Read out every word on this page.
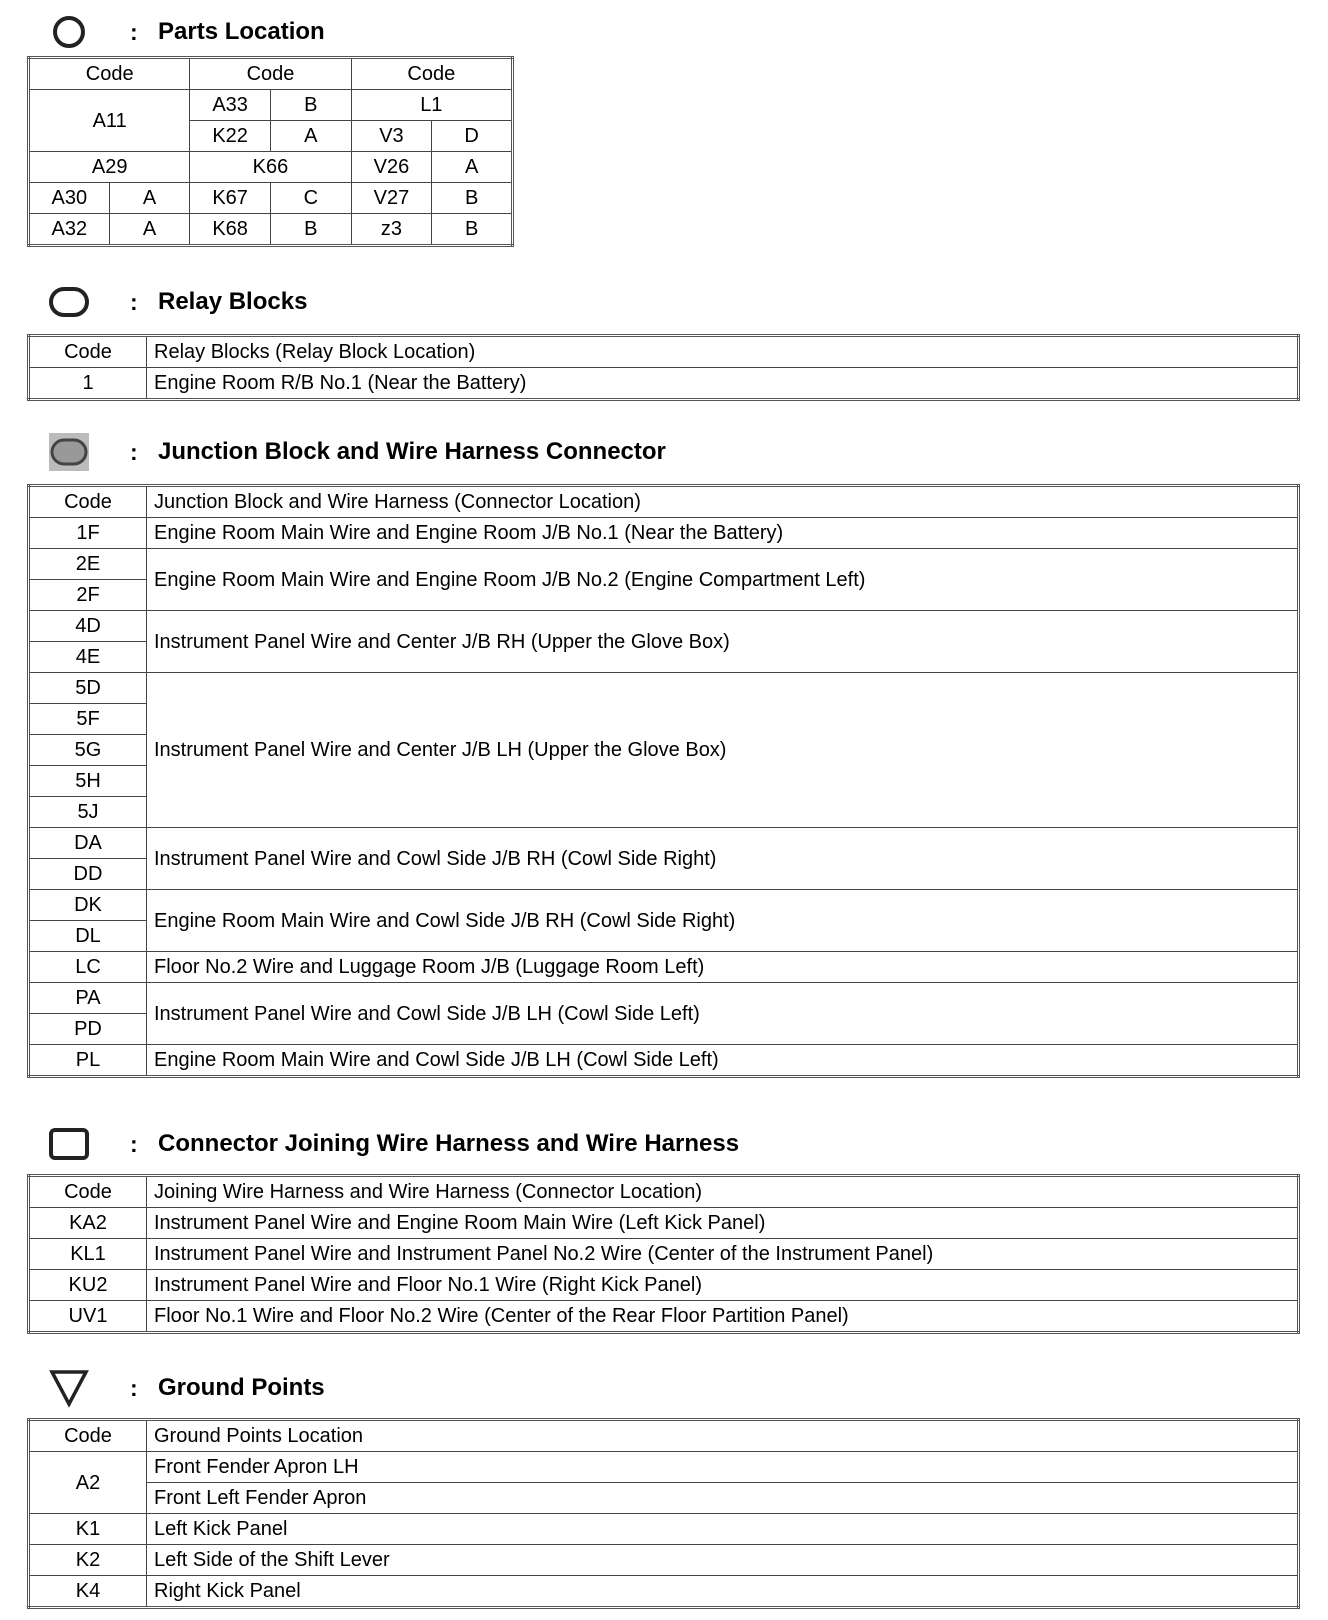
: Parts Location
Code		Code		Code	
A11		A33	B	L1	
		K22	A	V3	D
A29		K66		V26	A
A30	A	K67	C	V27	B
A32	A	K68	B	z3	B
: Relay Blocks
Code	Relay Blocks (Relay Block Location)
1	Engine Room R/B No.1 (Near the Battery)
: Junction Block and Wire Harness Connector
Code	Junction Block and Wire Harness (Connector Location)
1F	Engine Room Main Wire and Engine Room J/B No.1 (Near the Battery)
2E	Engine Room Main Wire and Engine Room J/B No.2 (Engine Compartment Left)
2F	
4D	Instrument Panel Wire and Center J/B RH (Upper the Glove Box)
4E	
5D	Instrument Panel Wire and Center J/B LH (Upper the Glove Box)
5F	
5G	
5H	
5J	
DA	Instrument Panel Wire and Cowl Side J/B RH (Cowl Side Right)
DD	
DK	Engine Room Main Wire and Cowl Side J/B RH (Cowl Side Right)
DL	
LC	Floor No.2 Wire and Luggage Room J/B (Luggage Room Left)
PA	Instrument Panel Wire and Cowl Side J/B LH (Cowl Side Left)
PD	
PL	Engine Room Main Wire and Cowl Side J/B LH (Cowl Side Left)
: Connector Joining Wire Harness and Wire Harness
Code	Joining Wire Harness and Wire Harness (Connector Location)
KA2	Instrument Panel Wire and Engine Room Main Wire (Left Kick Panel)
KL1	Instrument Panel Wire and Instrument Panel No.2 Wire (Center of the Instrument Panel)
KU2	Instrument Panel Wire and Floor No.1 Wire (Right Kick Panel)
UV1	Floor No.1 Wire and Floor No.2 Wire (Center of the Rear Floor Partition Panel)
: Ground Points
Code	Ground Points Location
A2	Front Fender Apron LH
	Front Left Fender Apron
K1	Left Kick Panel
K2	Left Side of the Shift Lever
K4	Right Kick Panel
